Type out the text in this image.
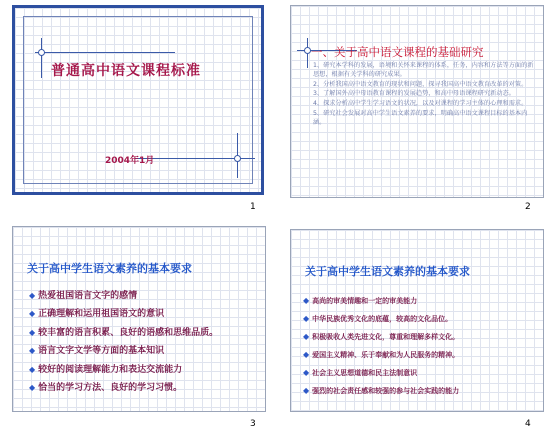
普通高中语文课程标准
2004年1月
1
一、关于高中语文课程的基础研究
1、研究本学科的发展，语境和关怀来课程的体系，任务，内容和方法等方面的新思想，根据有关学科的研究成果。
2、分析我国高中语文教育的现状和问题，探寻我国高中语文教育改革的对策。
3、了解国外高中母语教育课程的发展趋势，和高中母语课程研究新动态。
4、探求分析高中学生学习语文的状况，以及对课程的学习主体的心理和需求。
5、研究社会发展对高中学生语文素养的要求，明确高中语文课程目标的基本内涵。
2
关于高中学生语文素养的基本要求
◆ 热爱祖国语言文字的感情
◆ 正确理解和运用祖国语文的意识
◆ 较丰富的语言积累、良好的语感和思维品质。
◆ 语言文字文学等方面的基本知识
◆ 较好的阅读理解能力和表达交流能力
◆ 恰当的学习方法、良好的学习习惯。
3
关于高中学生语文素养的基本要求
◆ 高尚的审美情趣和一定的审美能力
◆ 中华民族优秀文化的底蕴，较高的文化品位。
◆ 积极吸收人类先进文化，尊重和理解多样文化。
◆ 爱国主义精神、乐于奉献和为人民服务的精神。
◆ 社会主义思想道德和民主法制意识
◆ 强烈的社会责任感和较强的参与社会实践的能力
4
